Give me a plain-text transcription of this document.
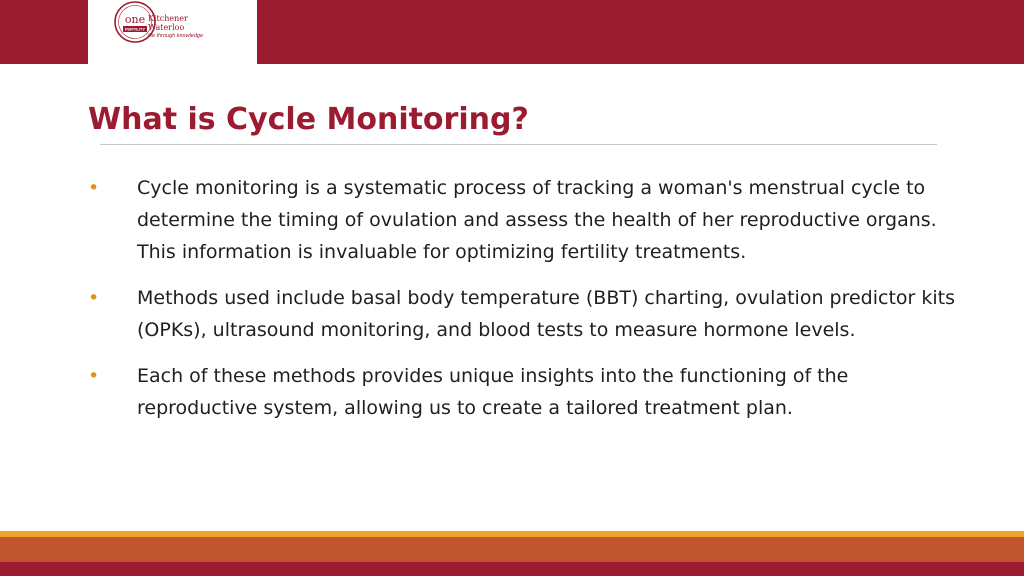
one
FERTILITY
Kitchener
Waterloo
life through knowledge
What is Cycle Monitoring?
• Cycle monitoring is a systematic process of tracking a woman's menstrual cycle to determine the timing of ovulation and assess the health of her reproductive organs. This information is invaluable for optimizing fertility treatments.
• Methods used include basal body temperature (BBT) charting, ovulation predictor kits (OPKs), ultrasound monitoring, and blood tests to measure hormone levels.
• Each of these methods provides unique insights into the functioning of the reproductive system, allowing us to create a tailored treatment plan.
